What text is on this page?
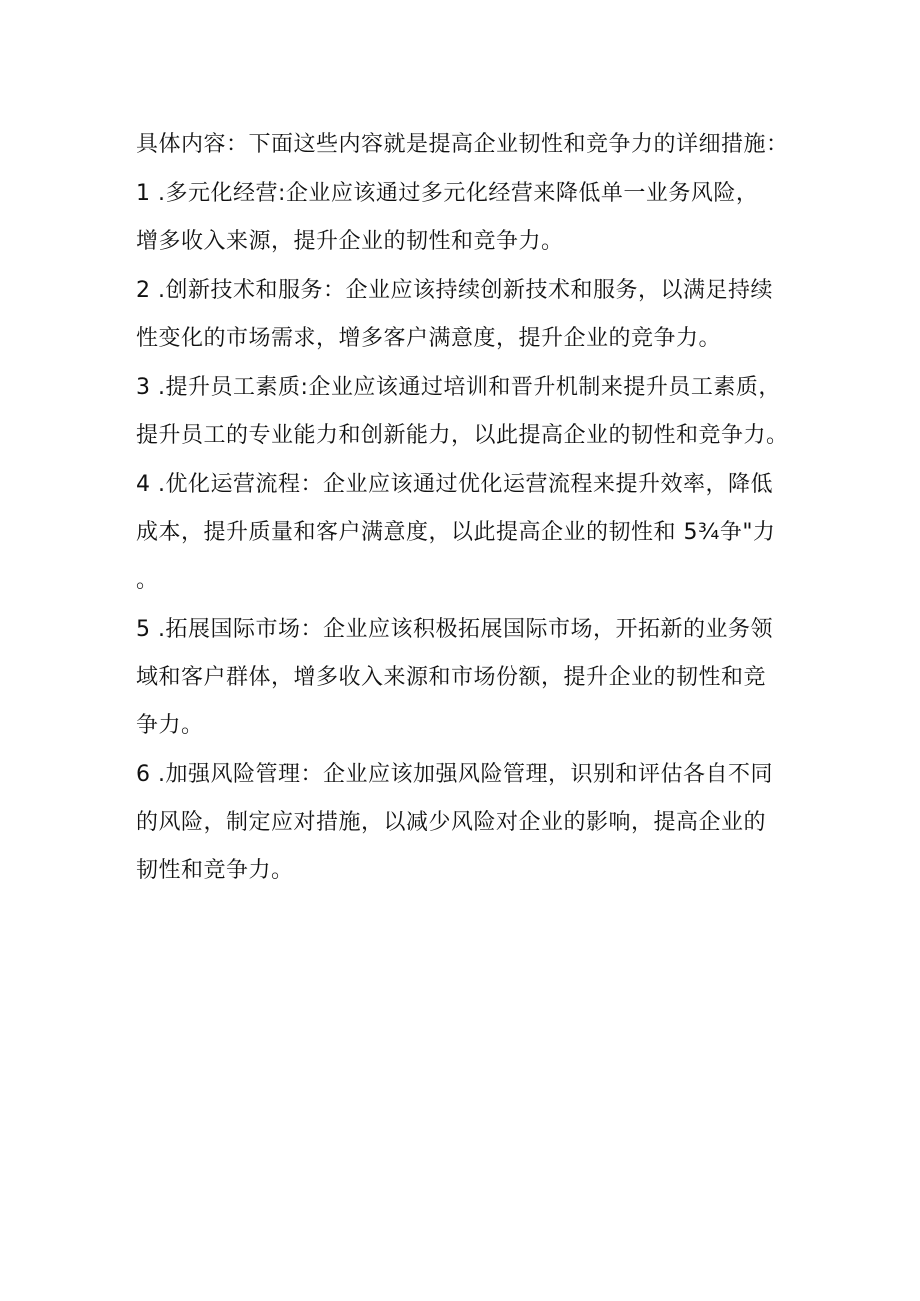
具体内容：下面这些内容就是提高企业韧性和竞争力的详细措施：
1 .多元化经营:企业应该通过多元化经营来降低单一业务风险，
增多收入来源，提升企业的韧性和竞争力。
2 .创新技术和服务：企业应该持续创新技术和服务，以满足持续
性变化的市场需求，增多客户满意度，提升企业的竞争力。
3 .提升员工素质:企业应该通过培训和晋升机制来提升员工素质，
提升员工的专业能力和创新能力，以此提高企业的韧性和竞争力。
4 .优化运营流程：企业应该通过优化运营流程来提升效率，降低
成本，提升质量和客户满意度，以此提高企业的韧性和 5¾争"力
。
5 .拓展国际市场：企业应该积极拓展国际市场，开拓新的业务领
域和客户群体，增多收入来源和市场份额，提升企业的韧性和竞
争力。
6 .加强风险管理：企业应该加强风险管理，识别和评估各自不同
的风险，制定应对措施，以减少风险对企业的影响，提高企业的
韧性和竞争力。
